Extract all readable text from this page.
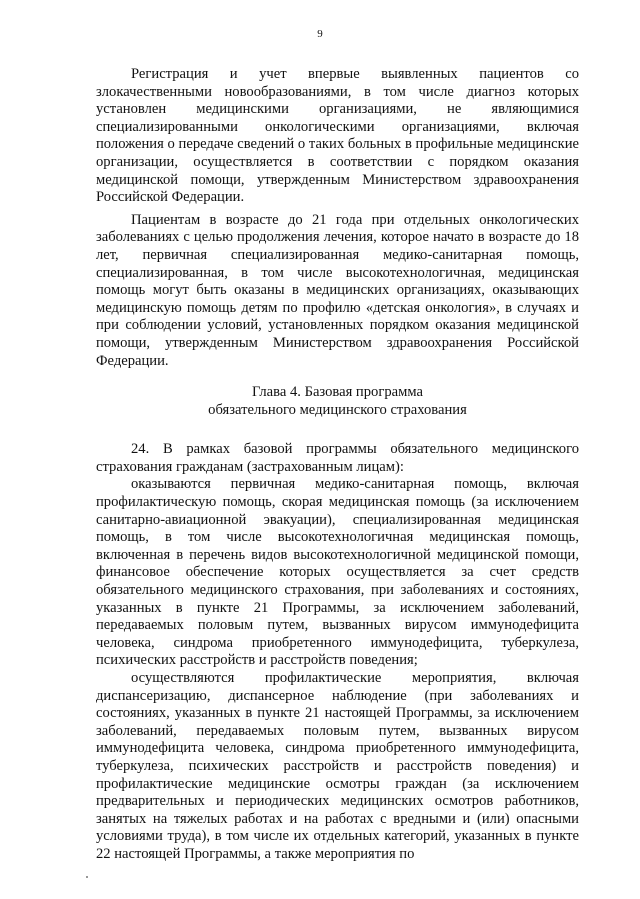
9

Регистрация и учет впервые выявленных пациентов со злокачественными новообразованиями, в том числе диагноз которых установлен медицинскими организациями, не являющимися специализированными онкологическими организациями, включая положения о передаче сведений о таких больных в профильные медицинские организации, осуществляется в соответствии с порядком оказания медицинской помощи, утвержденным Министерством здравоохранения Российской Федерации.

Пациентам в возрасте до 21 года при отдельных онкологических заболеваниях с целью продолжения лечения, которое начато в возрасте до 18 лет, первичная специализированная медико-санитарная помощь, специализированная, в том числе высокотехнологичная, медицинская помощь могут быть оказаны в медицинских организациях, оказывающих медицинскую помощь детям по профилю «детская онкология», в случаях и при соблюдении условий, установленных порядком оказания медицинской помощи, утвержденным Министерством здравоохранения Российской Федерации.

Глава 4. Базовая программа
обязательного медицинского страхования

24. В рамках базовой программы обязательного медицинского страхования гражданам (застрахованным лицам):

оказываются первичная медико-санитарная помощь, включая профилактическую помощь, скорая медицинская помощь (за исключением санитарно-авиационной эвакуации), специализированная медицинская помощь, в том числе высокотехнологичная медицинская помощь, включенная в перечень видов высокотехнологичной медицинской помощи, финансовое обеспечение которых осуществляется за счет средств обязательного медицинского страхования, при заболеваниях и состояниях, указанных в пункте 21 Программы, за исключением заболеваний, передаваемых половым путем, вызванных вирусом иммунодефицита человека, синдрома приобретенного иммунодефицита, туберкулеза, психических расстройств и расстройств поведения;

осуществляются профилактические мероприятия, включая диспансеризацию, диспансерное наблюдение (при заболеваниях и состояниях, указанных в пункте 21 настоящей Программы, за исключением заболеваний, передаваемых половым путем, вызванных вирусом иммунодефицита человека, синдрома приобретенного иммунодефицита, туберкулеза, психических расстройств и расстройств поведения) и профилактические медицинские осмотры граждан (за исключением предварительных и периодических медицинских осмотров работников, занятых на тяжелых работах и на работах с вредными и (или) опасными условиями труда), в том числе их отдельных категорий, указанных в пункте 22 настоящей Программы, а также мероприятия по
